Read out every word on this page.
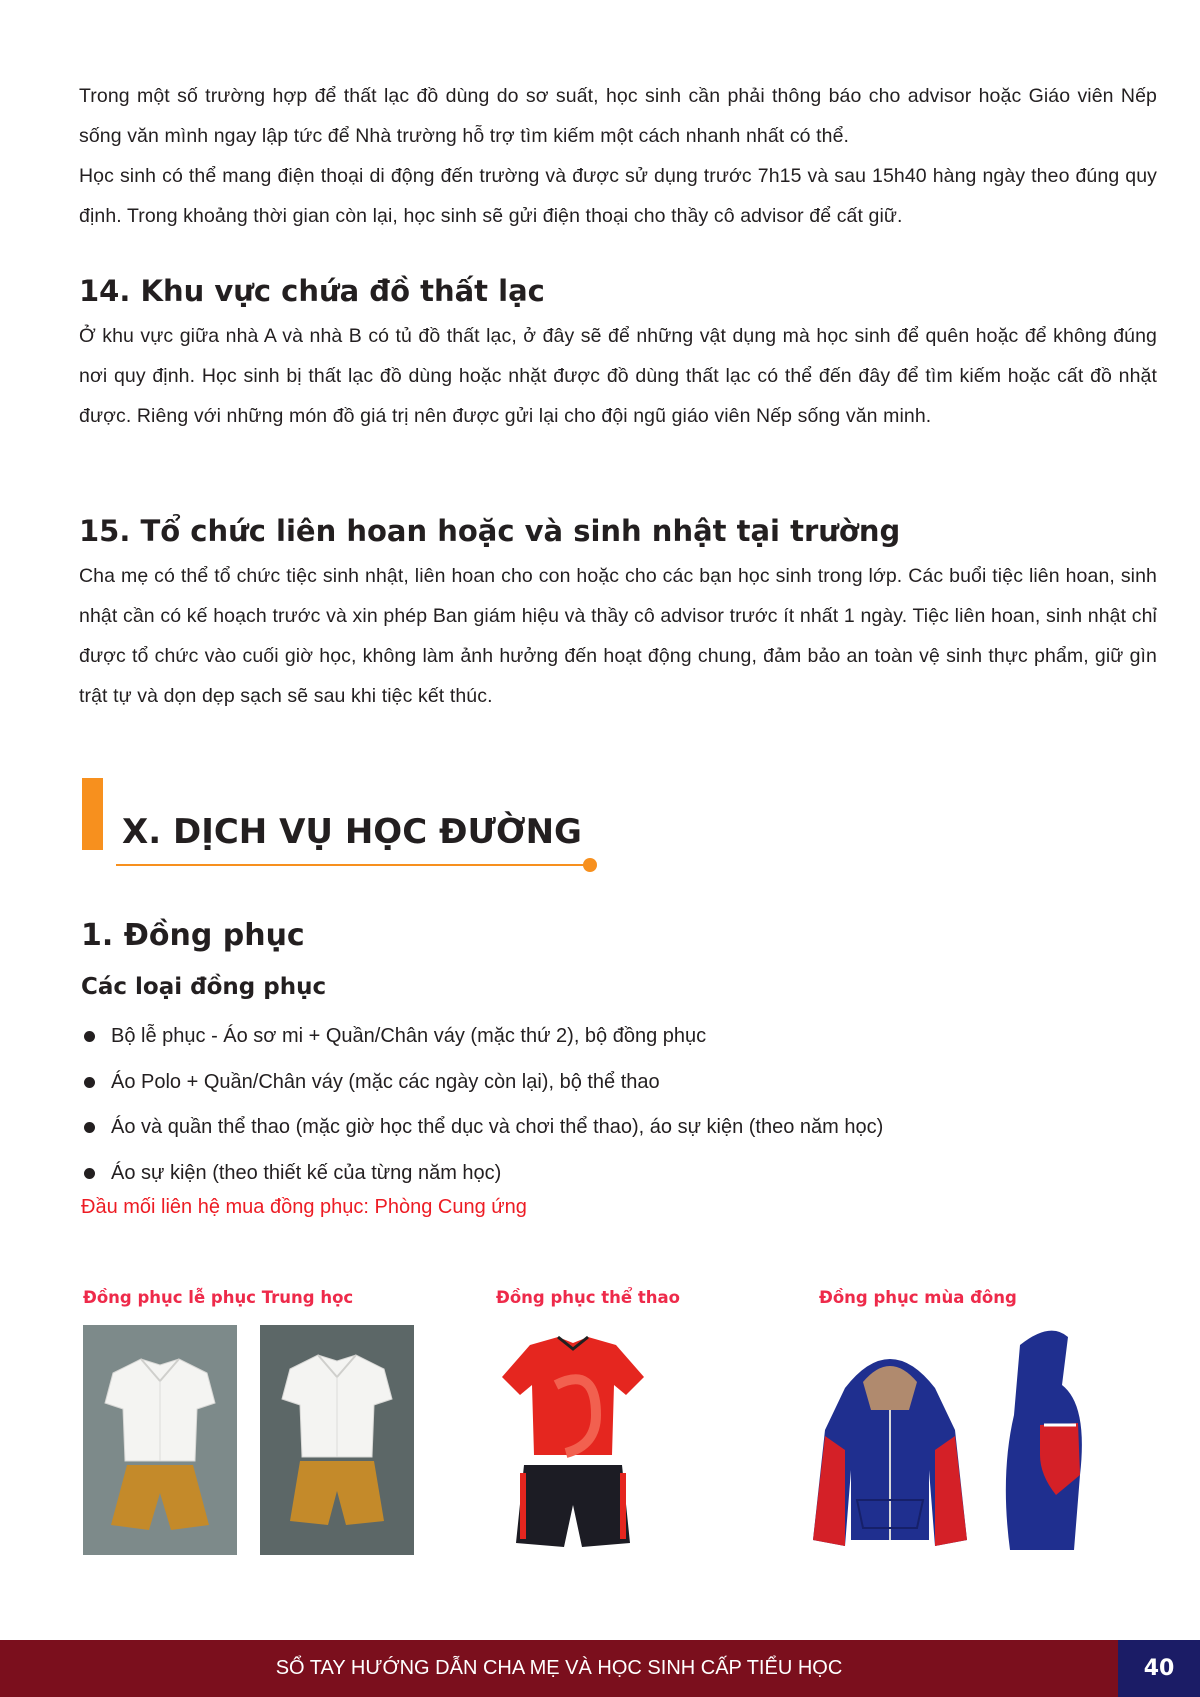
Trong một số trường hợp để thất lạc đồ dùng do sơ suất, học sinh cần phải thông báo cho advisor hoặc Giáo viên Nếp sống văn mình ngay lập tức để Nhà trường hỗ trợ tìm kiếm một cách nhanh nhất có thể.

Học sinh có thể mang điện thoại di động đến trường và được sử dụng trước 7h15 và sau 15h40 hàng ngày theo đúng quy định. Trong khoảng thời gian còn lại, học sinh sẽ gửi điện thoại cho thầy cô advisor để cất giữ.

14. Khu vực chứa đồ thất lạc

Ở khu vực giữa nhà A và nhà B có tủ đồ thất lạc, ở đây sẽ để những vật dụng mà học sinh để quên hoặc để không đúng nơi quy định. Học sinh bị thất lạc đồ dùng hoặc nhặt được đồ dùng thất lạc có thể đến đây để tìm kiếm hoặc cất đồ nhặt được. Riêng với những món đồ giá trị nên được gửi lại cho đội ngũ giáo viên Nếp sống văn minh.

15. Tổ chức liên hoan hoặc và sinh nhật tại trường

Cha mẹ có thể tổ chức tiệc sinh nhật, liên hoan cho con hoặc cho các bạn học sinh trong lớp. Các buổi tiệc liên hoan, sinh nhật cần có kế hoạch trước và xin phép Ban giám hiệu và thầy cô advisor trước ít nhất 1 ngày. Tiệc liên hoan, sinh nhật chỉ được tổ chức vào cuối giờ học, không làm ảnh hưởng đến hoạt động chung, đảm bảo an toàn vệ sinh thực phẩm, giữ gìn trật tự và dọn dẹp sạch sẽ sau khi tiệc kết thúc.

X. DỊCH VỤ HỌC ĐƯỜNG
1. Đồng phục
Các loại đồng phục
Bộ lễ phục - Áo sơ mi + Quần/Chân váy (mặc thứ 2), bộ đồng phục
Áo Polo + Quần/Chân váy (mặc các ngày còn lại), bộ thể thao
Áo và quần thể thao (mặc giờ học thể dục và chơi thể thao), áo sự kiện (theo năm học)
Áo sự kiện (theo thiết kế của từng năm học)

Đầu mối liên hệ mua đồng phục: Phòng Cung ứng

Đồng phục lễ phục Trung học	Đồng phục thể thao	Đồng phục mùa đông

SỔ TAY HƯỚNG DẪN CHA MẸ VÀ HỌC SINH CẤP TIỂU HỌC	40
